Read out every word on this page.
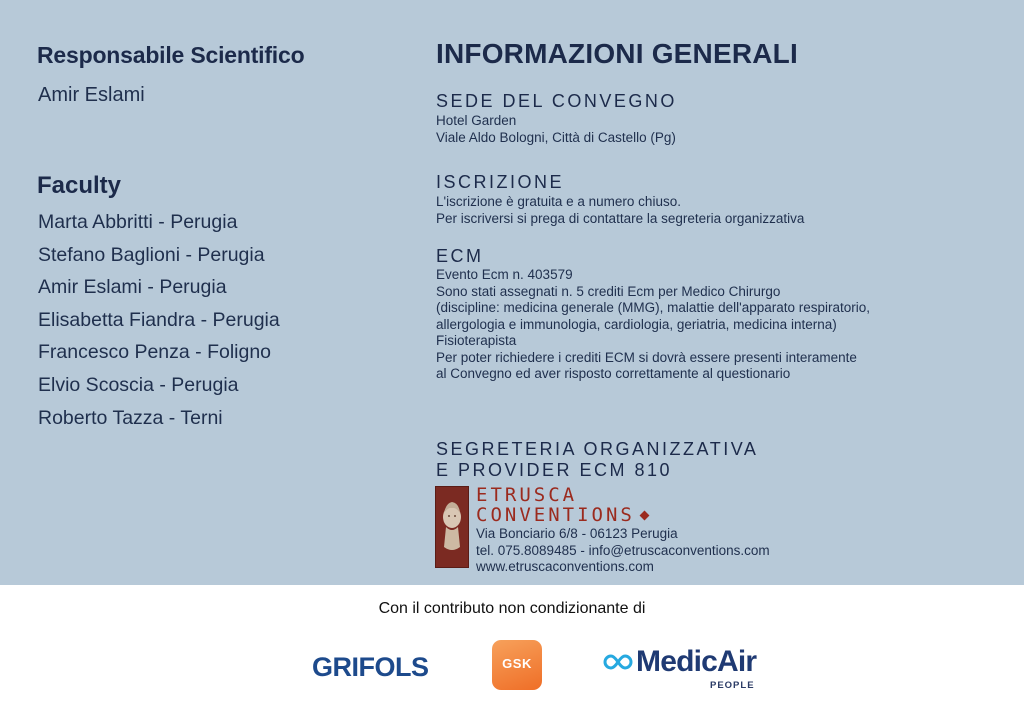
Responsabile Scientifico
Amir Eslami
Faculty
Marta Abbritti - Perugia
Stefano Baglioni - Perugia
Amir Eslami - Perugia
Elisabetta Fiandra - Perugia
Francesco Penza - Foligno
Elvio Scoscia - Perugia
Roberto Tazza - Terni
INFORMAZIONI GENERALI

SEDE DEL CONVEGNO

Hotel Garden

Viale Aldo Bologni, Città di Castello (Pg)

ISCRIZIONE

L'iscrizione è gratuita e a numero chiuso.

Per iscriversi si prega di contattare la segreteria organizzativa

ECM

Evento Ecm n. 403579

Sono stati assegnati n. 5 crediti Ecm per Medico Chirurgo

(discipline: medicina generale (MMG), malattie dell'apparato respiratorio,

allergologia e immunologia, cardiologia, geriatria, medicina interna)

Fisioterapista

Per poter richiedere i crediti ECM si dovrà essere presenti interamente

al Convegno ed aver risposto correttamente al questionario

SEGRETERIA ORGANIZZATIVA

E PROVIDER ECM 810

ETRUSCA
CONVENTIONS

Via Bonciario 6/8 - 06123 Perugia

tel. 075.8089485 - info@etruscaconventions.com

www.etruscaconventions.com

Con il contributo non condizionante di
GRIFOLS	GSK	MedicAir
PEOPLE
